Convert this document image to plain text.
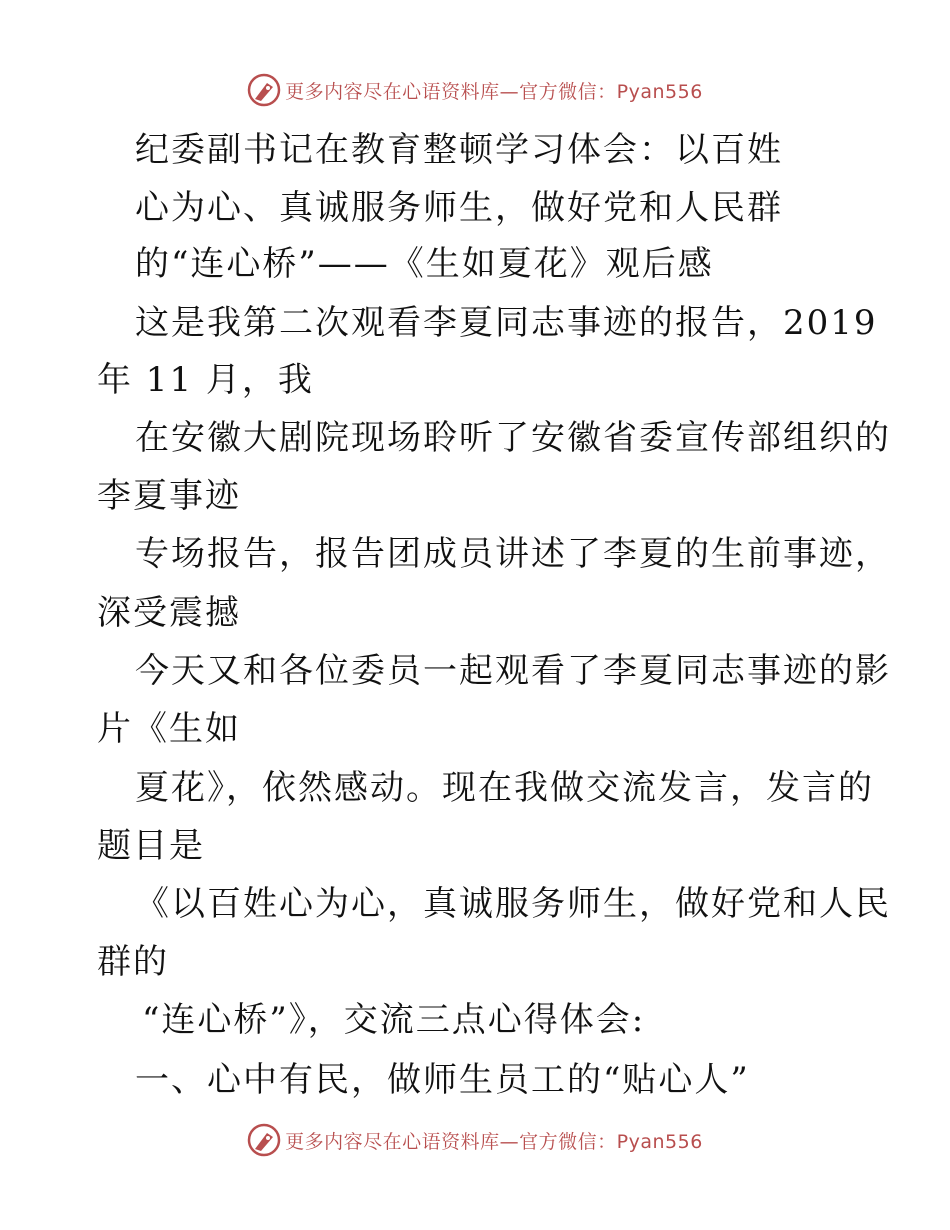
更多内容尽在心语资料库—官方微信：Pyan556
纪委副书记在教育整顿学习体会：以百姓
心为心、真诚服务师生，做好党和人民群
的“连心桥”——《生如夏花》观后感
这是我第二次观看李夏同志事迹的报告，2019
年 11 月，我
在安徽大剧院现场聆听了安徽省委宣传部组织的
李夏事迹
专场报告，报告团成员讲述了李夏的生前事迹，
深受震撼
今天又和各位委员一起观看了李夏同志事迹的影
片《生如
夏花》，依然感动。现在我做交流发言，发言的
题目是
《以百姓心为心，真诚服务师生，做好党和人民
群的
“连心桥”》，交流三点心得体会:
一、心中有民，做师生员工的“贴心人”
更多内容尽在心语资料库—官方微信：Pyan556
